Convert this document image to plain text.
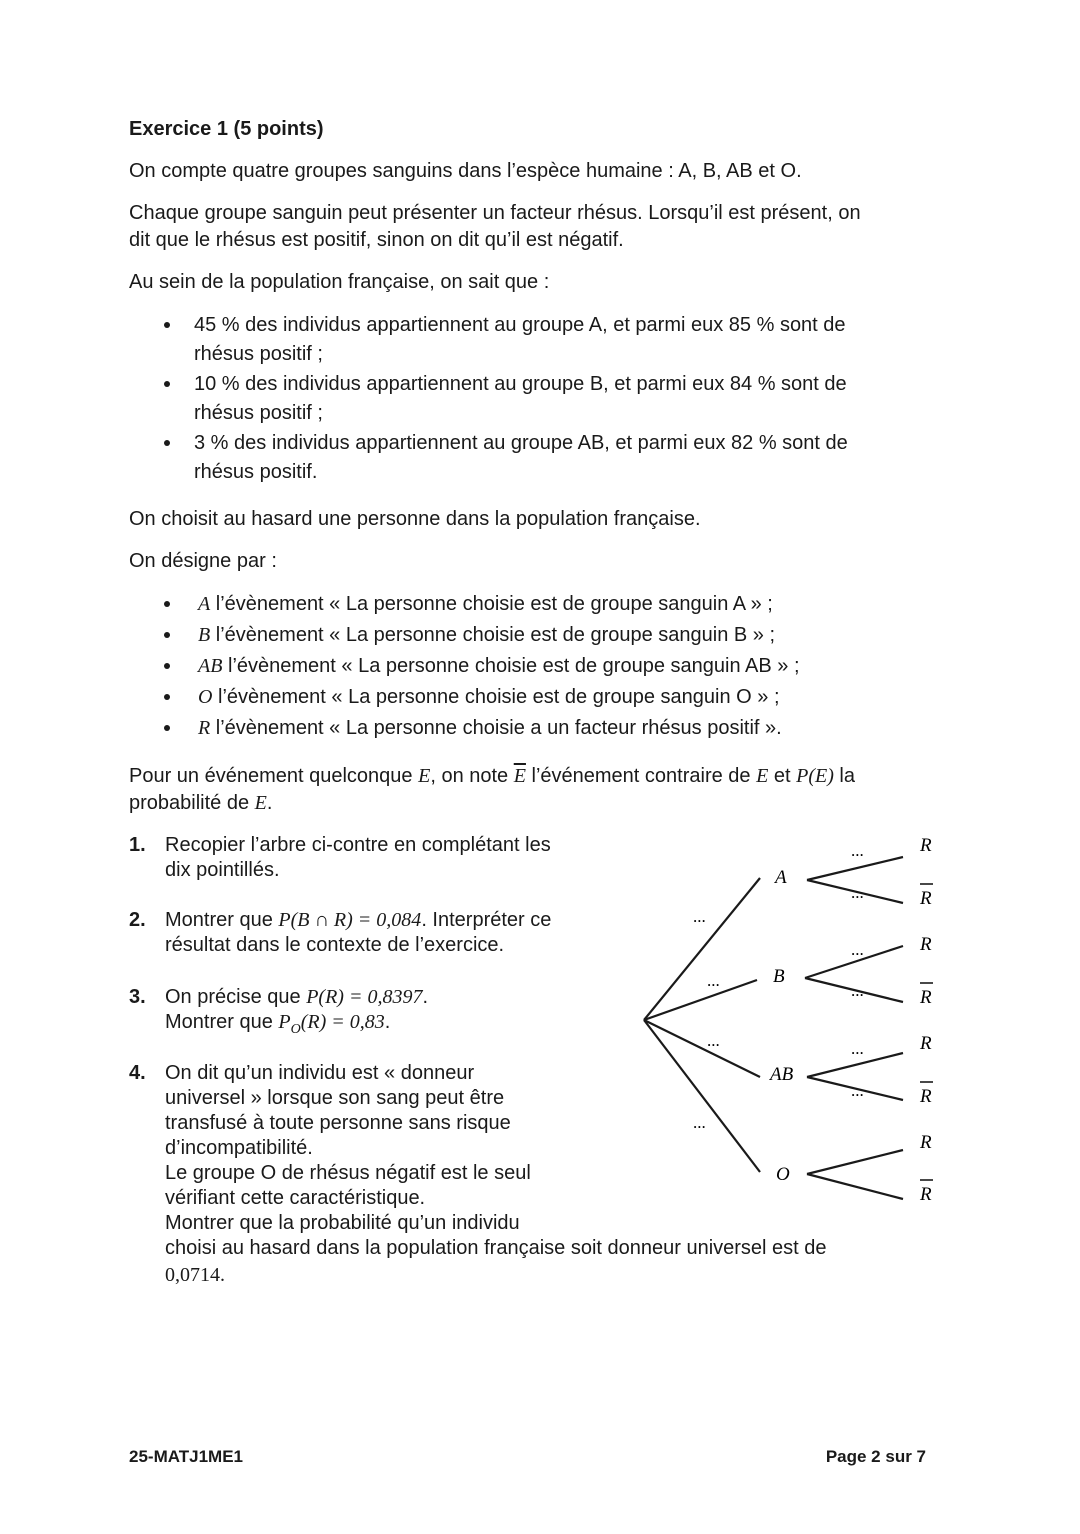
Exercice 1 (5 points)
On compte quatre groupes sanguins dans l’espèce humaine : A, B, AB et O.
Chaque groupe sanguin peut présenter un facteur rhésus. Lorsqu’il est présent, on
dit que le rhésus est positif, sinon on dit qu’il est négatif.
Au sein de la population française, on sait que :
45 % des individus appartiennent au groupe A, et parmi eux 85 % sont de
rhésus positif ;
10 % des individus appartiennent au groupe B, et parmi eux 84 % sont de
rhésus positif ;
3 % des individus appartiennent au groupe AB, et parmi eux 82 % sont de
rhésus positif.
On choisit au hasard une personne dans la population française.
On désigne par :
A l’évènement « La personne choisie est de groupe sanguin A » ;
B l’évènement « La personne choisie est de groupe sanguin B » ;
AB l’évènement « La personne choisie est de groupe sanguin AB » ;
O l’évènement « La personne choisie est de groupe sanguin O » ;
R l’évènement « La personne choisie a un facteur rhésus positif ».
Pour un événement quelconque E, on note $\overline{E}$ l’événement contraire de E et P(E) la
probabilité de E.
1. Recopier l’arbre ci-contre en complétant les
dix pointillés.
2. Montrer que P(B ∩ R) = 0,084. Interpréter ce
résultat dans le contexte de l’exercice.
3. On précise que P(R) = 0,8397.
Montrer que $P_O(R) = 0,83$.
4. On dit qu’un individu est « donneur
universel » lorsque son sang peut être
transfusé à toute personne sans risque
d’incompatibilité.
Le groupe O de rhésus négatif est le seul
vérifiant cette caractéristique.
Montrer que la probabilité qu’un individu
choisi au hasard dans la population française soit donneur universel est de
0,0714.
A
B
AB
O
R
R
R
R
R
R
R
R
...
...
...
...
...
...
...
...
...
...
25-MATJ1ME1	Page 2 sur 7
